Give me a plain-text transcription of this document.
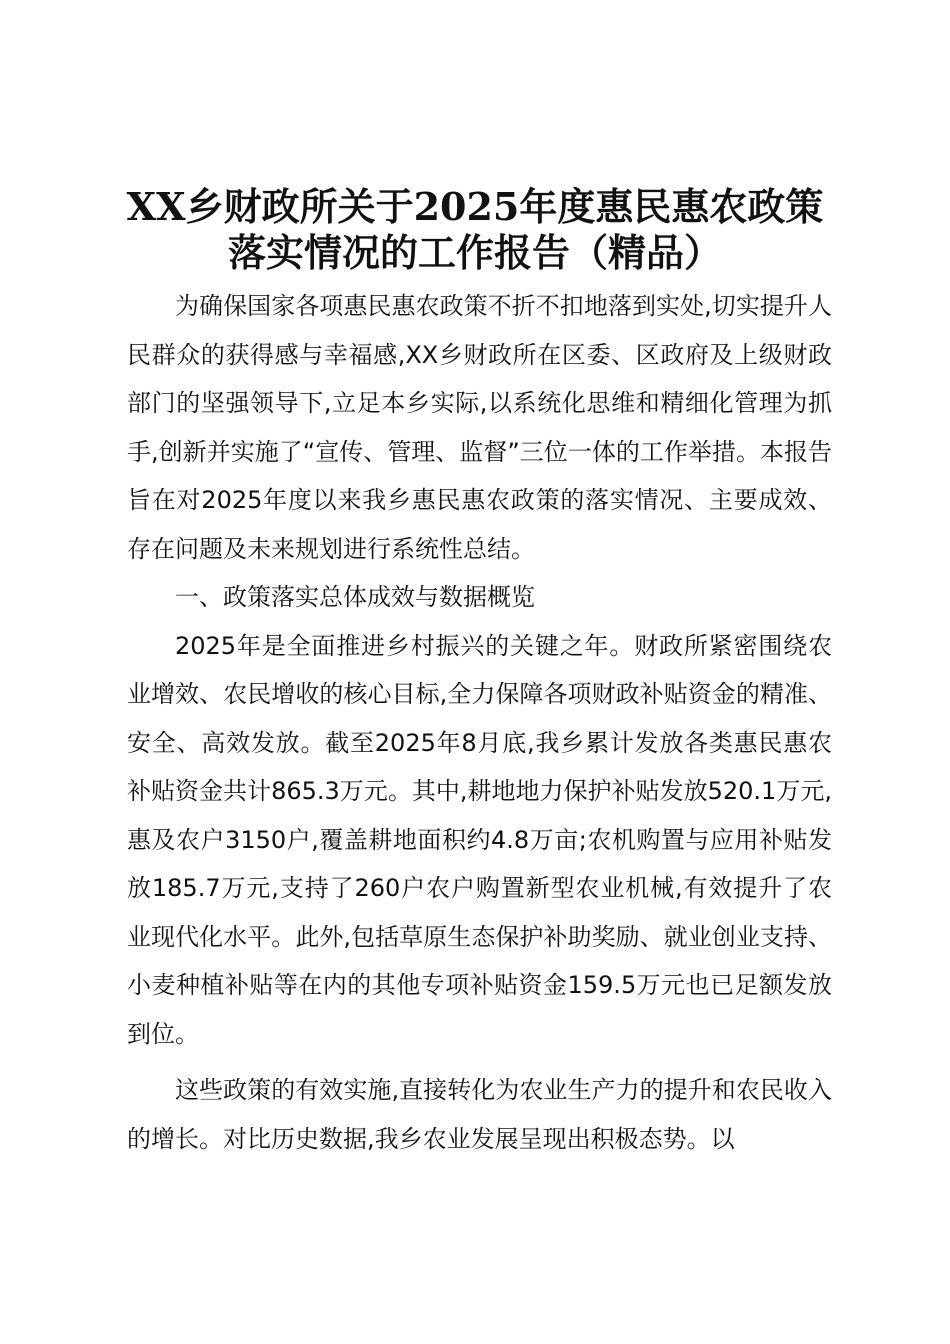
XX乡财政所关于2025年度惠民惠农政策落实情况的工作报告（精品）

为确保国家各项惠民惠农政策不折不扣地落到实处,切实提升人民群众的获得感与幸福感,XX乡财政所在区委、区政府及上级财政部门的坚强领导下,立足本乡实际,以系统化思维和精细化管理为抓手,创新并实施了“宣传、管理、监督”三位一体的工作举措。本报告旨在对2025年度以来我乡惠民惠农政策的落实情况、主要成效、存在问题及未来规划进行系统性总结。

一、政策落实总体成效与数据概览

2025年是全面推进乡村振兴的关键之年。财政所紧密围绕农业增效、农民增收的核心目标,全力保障各项财政补贴资金的精准、安全、高效发放。截至2025年8月底,我乡累计发放各类惠民惠农补贴资金共计865.3万元。其中,耕地地力保护补贴发放520.1万元,惠及农户3150户,覆盖耕地面积约4.8万亩;农机购置与应用补贴发放185.7万元,支持了260户农户购置新型农业机械,有效提升了农业现代化水平。此外,包括草原生态保护补助奖励、就业创业支持、小麦种植补贴等在内的其他专项补贴资金159.5万元也已足额发放到位。

这些政策的有效实施,直接转化为农业生产力的提升和农民收入的增长。对比历史数据,我乡农业发展呈现出积极态势。以
